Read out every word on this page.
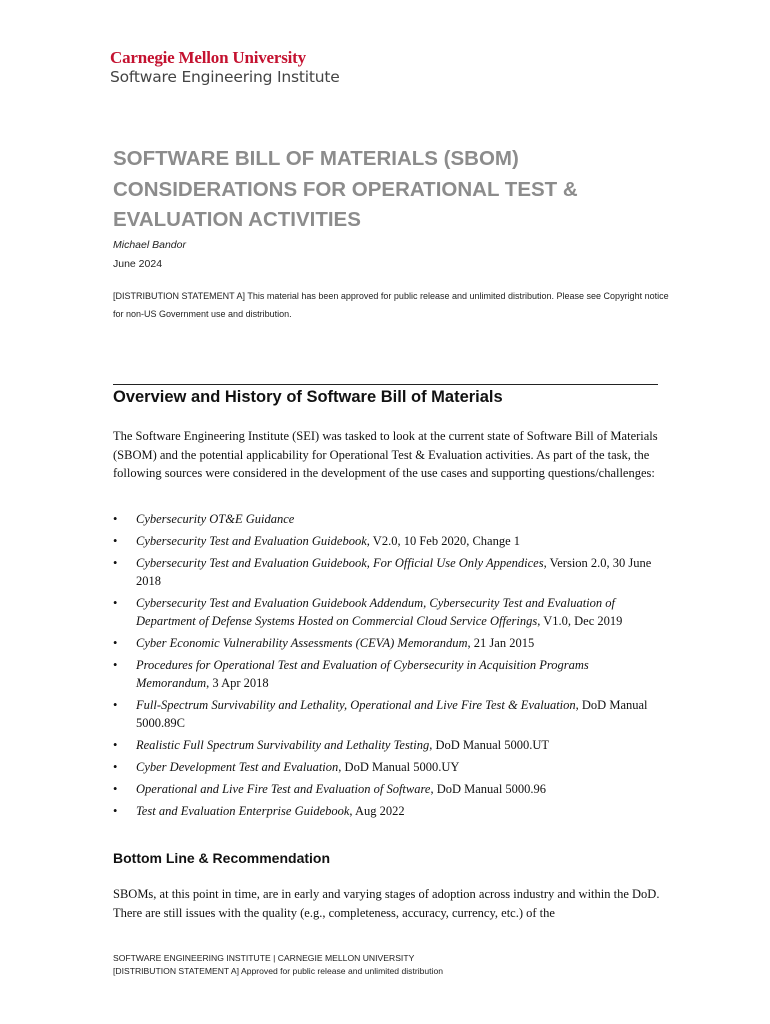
Carnegie Mellon University
Software Engineering Institute
SOFTWARE BILL OF MATERIALS (SBOM)
CONSIDERATIONS FOR OPERATIONAL TEST &
EVALUATION ACTIVITIES
Michael Bandor
June 2024
[DISTRIBUTION STATEMENT A] This material has been approved for public release and unlimited distribution. Please see Copyright notice for non-US Government use and distribution.
Overview and History of Software Bill of Materials

The Software Engineering Institute (SEI) was tasked to look at the current state of Software Bill of Materials (SBOM) and the potential applicability for Operational Test & Evaluation activities. As part of the task, the following sources were considered in the development of the use cases and supporting questions/challenges:

• Cybersecurity OT&E Guidance
• Cybersecurity Test and Evaluation Guidebook, V2.0, 10 Feb 2020, Change 1
• Cybersecurity Test and Evaluation Guidebook, For Official Use Only Appendices, Version 2.0, 30 June 2018
• Cybersecurity Test and Evaluation Guidebook Addendum, Cybersecurity Test and Evaluation of Department of Defense Systems Hosted on Commercial Cloud Service Offerings, V1.0, Dec 2019
• Cyber Economic Vulnerability Assessments (CEVA) Memorandum, 21 Jan 2015
• Procedures for Operational Test and Evaluation of Cybersecurity in Acquisition Programs Memorandum, 3 Apr 2018
• Full-Spectrum Survivability and Lethality, Operational and Live Fire Test & Evaluation, DoD Manual 5000.89C
• Realistic Full Spectrum Survivability and Lethality Testing, DoD Manual 5000.UT
• Cyber Development Test and Evaluation, DoD Manual 5000.UY
• Operational and Live Fire Test and Evaluation of Software, DoD Manual 5000.96
• Test and Evaluation Enterprise Guidebook, Aug 2022
Bottom Line & Recommendation

SBOMs, at this point in time, are in early and varying stages of adoption across industry and within the DoD. There are still issues with the quality (e.g., completeness, accuracy, currency, etc.) of the

SOFTWARE ENGINEERING INSTITUTE | CARNEGIE MELLON UNIVERSITY
[DISTRIBUTION STATEMENT A] Approved for public release and unlimited distribution
